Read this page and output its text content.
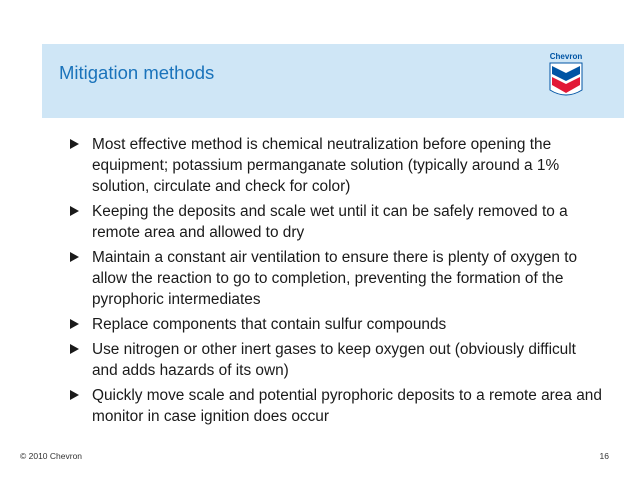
Mitigation methods
Chevron
Most effective method is chemical neutralization before opening the equipment; potassium permanganate solution (typically around a 1% solution, circulate and check for color)
Keeping the deposits and scale wet until it can be safely removed to a remote area and allowed to dry
Maintain a constant air ventilation to ensure there is plenty of oxygen to allow the reaction to go to completion, preventing the formation of the pyrophoric intermediates
Replace components that contain sulfur compounds
Use nitrogen or other inert gases to keep oxygen out (obviously difficult and adds hazards of its own)
Quickly move scale and potential pyrophoric deposits to a remote area and monitor in case ignition does occur
© 2010 Chevron	16
